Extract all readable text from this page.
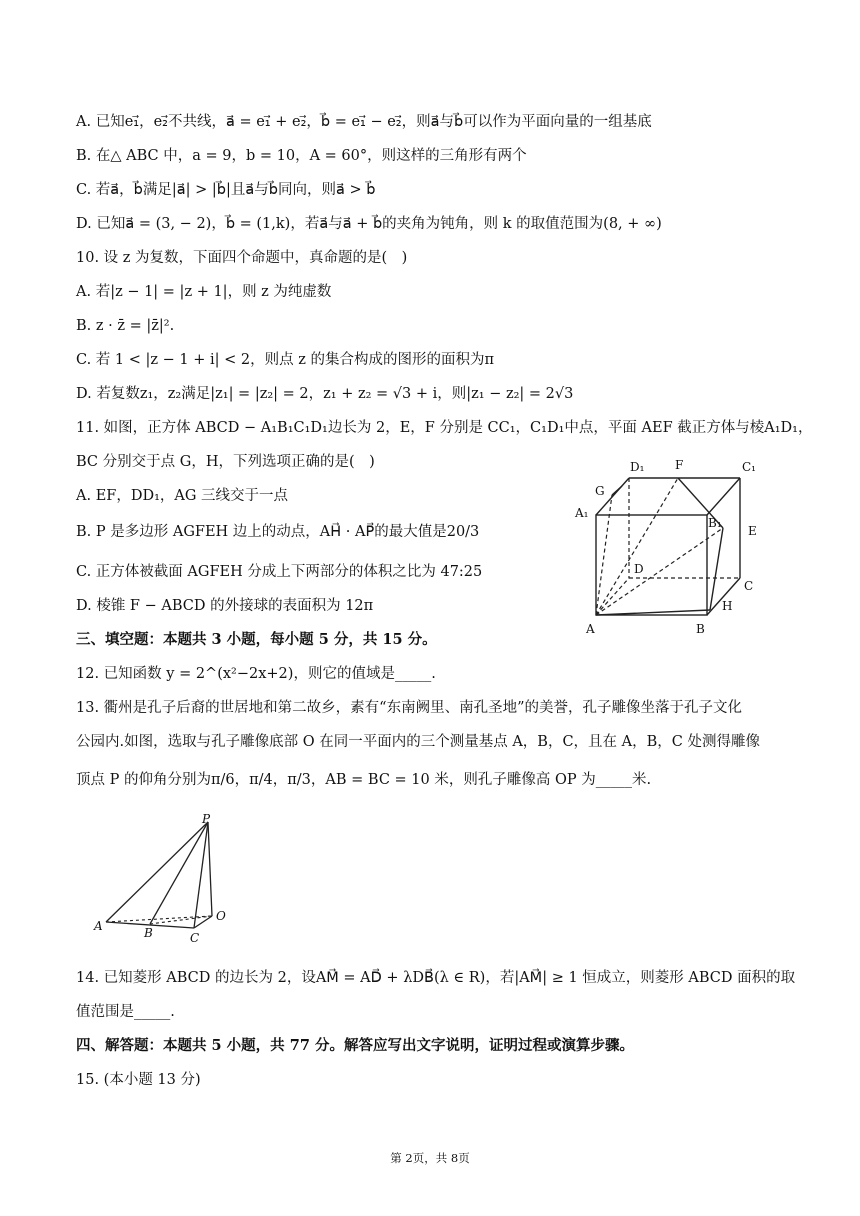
A. 已知e₁⃗，e₂⃗不共线，a⃗ = e₁⃗ + e₂⃗，b⃗ = e₁⃗ − e₂⃗，则a⃗与b⃗可以作为平面向量的一组基底
B. 在△ ABC 中，a = 9，b = 10，A = 60°，则这样的三角形有两个
C. 若a⃗，b⃗满足|a⃗| > |b⃗|且a⃗与b⃗同向，则a⃗ > b⃗
D. 已知a⃗ = (3, − 2)，b⃗ = (1,k)，若a⃗与a⃗ + b⃗的夹角为钝角，则 k 的取值范围为(8, + ∞)
10. 设 z 为复数，下面四个命题中，真命题的是(　)
A. 若|z − 1| = |z + 1|，则 z 为纯虚数
B. z · z̄ = |z̄|².
C. 若 1 < |z − 1 + i| < 2，则点 z 的集合构成的图形的面积为π
D. 若复数z₁，z₂满足|z₁| = |z₂| = 2，z₁ + z₂ = √3 + i，则|z₁ − z₂| = 2√3
11. 如图，正方体 ABCD − A₁B₁C₁D₁边长为 2，E，F 分别是 CC₁，C₁D₁中点，平面 AEF 截正方体与棱A₁D₁，
BC 分别交于点 G，H，下列选项正确的是(　)
A. EF，DD₁，AG 三线交于一点
B. P 是多边形 AGFEH 边上的动点，AH⃗ · AP⃗的最大值是20/3
C. 正方体被截面 AGFEH 分成上下两部分的体积之比为 47:25
D. 棱锥 F − ABCD 的外接球的表面积为 12π
D₁	F	C₁
G
A₁
B₁
E
D
C
H
A	B
三、填空题：本题共 3 小题，每小题 5 分，共 15 分。
12. 已知函数 y = 2^(x²−2x+2)，则它的值域是_____.
13. 衢州是孔子后裔的世居地和第二故乡，素有“东南阙里、南孔圣地”的美誉，孔子雕像坐落于孔子文化
公园内.如图，选取与孔子雕像底部 O 在同一平面内的三个测量基点 A，B，C，且在 A，B，C 处测得雕像
顶点 P 的仰角分别为π/6，π/4，π/3，AB = BC = 10 米，则孔子雕像高 OP 为_____米.
P
A	B	C
O
14. 已知菱形 ABCD 的边长为 2，设AM⃗ = AD⃗ + λDB⃗(λ ∈ R)，若|AM⃗| ≥ 1 恒成立，则菱形 ABCD 面积的取
值范围是_____.
四、解答题：本题共 5 小题，共 77 分。解答应写出文字说明，证明过程或演算步骤。
15. (本小题 13 分)
第 2页，共 8页
